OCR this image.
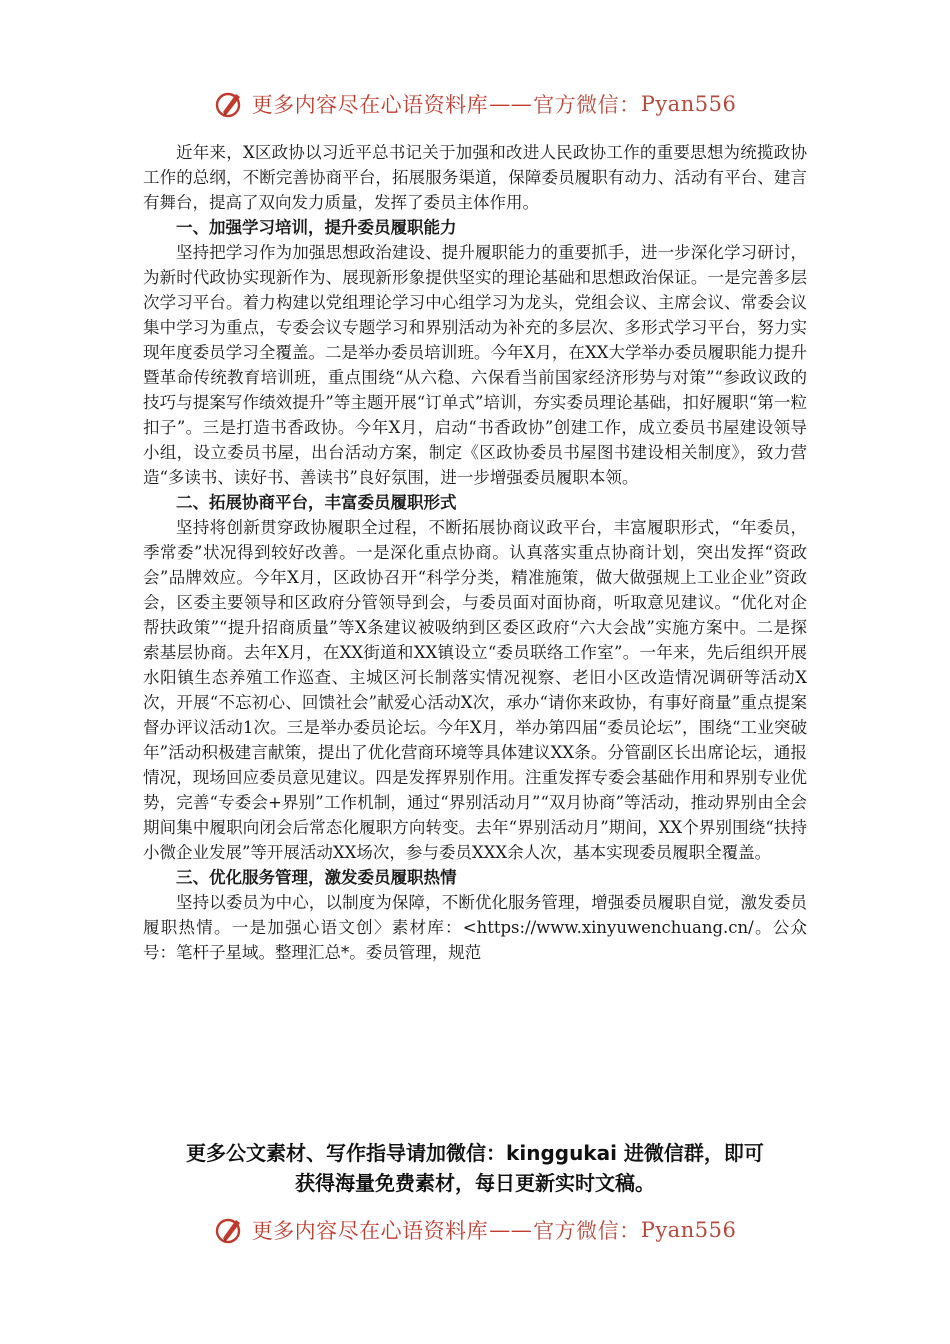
更多内容尽在心语资料库 —— 官方微信： Pyan556

近年来，X区政协以习近平总书记关于加强和改进人民政协工作的重要思想为统揽政协工作的总纲，不断完善协商平台，拓展服务渠道，保障委员履职有动力、活动有平台、建言有舞台，提高了双向发力质量，发挥了委员主体作用。

一、加强学习培训，提升委员履职能力

坚持把学习作为加强思想政治建设、提升履职能力的重要抓手，进一步深化学习研讨，为新时代政协实现新作为、展现新形象提供坚实的理论基础和思想政治保证。一是完善多层次学习平台。着力构建以党组理论学习中心组学习为龙头，党组会议、主席会议、常委会议集中学习为重点，专委会议专题学习和界别活动为补充的多层次、多形式学习平台，努力实现年度委员学习全覆盖。二是举办委员培训班。今年X月，在XX大学举办委员履职能力提升暨革命传统教育培训班，重点围绕“从六稳、六保看当前国家经济形势与对策”“参政议政的技巧与提案写作绩效提升”等主题开展“订单式”培训，夯实委员理论基础，扣好履职“第一粒扣子”。三是打造书香政协。今年X月，启动“书香政协”创建工作，成立委员书屋建设领导小组，设立委员书屋，出台活动方案，制定《区政协委员书屋图书建设相关制度》，致力营造“多读书、读好书、善读书”良好氛围，进一步增强委员履职本领。

二、拓展协商平台，丰富委员履职形式

坚持将创新贯穿政协履职全过程，不断拓展协商议政平台，丰富履职形式，“年委员，季常委”状况得到较好改善。一是深化重点协商。认真落实重点协商计划，突出发挥“资政会”品牌效应。今年X月，区政协召开“科学分类，精准施策，做大做强规上工业企业”资政会，区委主要领导和区政府分管领导到会，与委员面对面协商，听取意见建议。“优化对企帮扶政策”“提升招商质量”等X条建议被吸纳到区委区政府“六大会战”实施方案中。二是探索基层协商。去年X月，在XX街道和XX镇设立“委员联络工作室”。一年来，先后组织开展水阳镇生态养殖工作巡查、主城区河长制落实情况视察、老旧小区改造情况调研等活动X次，开展“不忘初心、回馈社会”献爱心活动X次，承办“请你来政协，有事好商量”重点提案督办评议活动1次。三是举办委员论坛。今年X月，举办第四届“委员论坛”，围绕“工业突破年”活动积极建言献策，提出了优化营商环境等具体建议XX条。分管副区长出席论坛，通报情况，现场回应委员意见建议。四是发挥界别作用。注重发挥专委会基础作用和界别专业优势，完善“专委会+界别”工作机制，通过“界别活动月”“双月协商”等活动，推动界别由全会期间集中履职向闭会后常态化履职方向转变。去年“界别活动月”期间，XX个界别围绕“扶持小微企业发展”等开展活动XX场次，参与委员XXX余人次，基本实现委员履职全覆盖。

三、优化服务管理，激发委员履职热情

坚持以委员为中心，以制度为保障，不断优化服务管理，增强委员履职自觉，激发委员履职热情。一是加强心语文创〉素材库：<https://www.xinyuwenchuang.cn/。公众号：笔杆子星域。整理汇总*。委员管理，规范

更多公文素材、写作指导请加微信：kinggukai 进微信群，即可
获得海量免费素材，每日更新实时文稿。
更多内容尽在心语资料库 —— 官方微信： Pyan556
